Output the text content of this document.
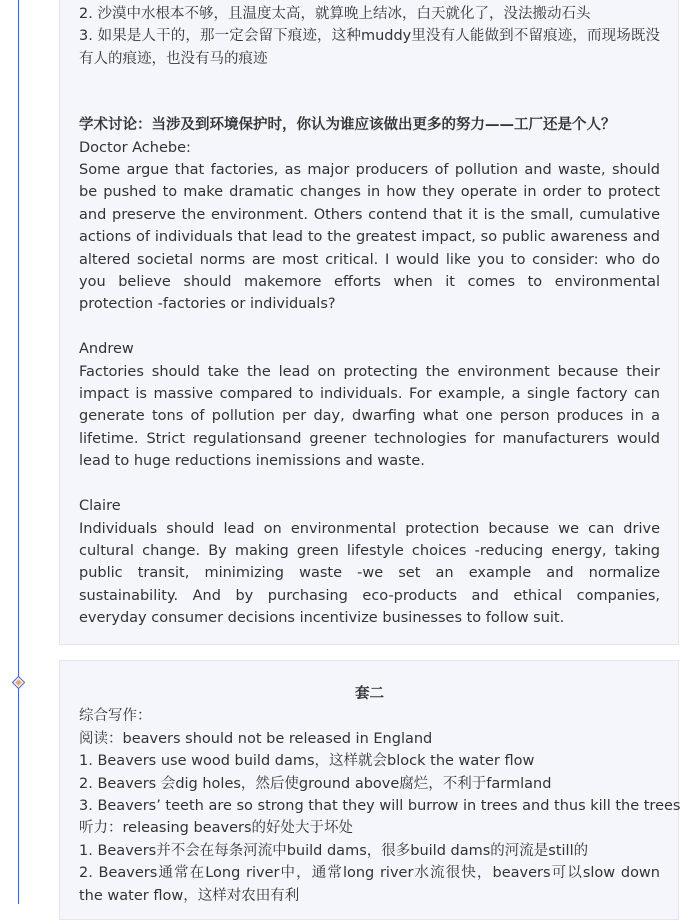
2. 沙漠中水根本不够，且温度太高，就算晚上结冰，白天就化了，没法搬动石头
3. 如果是人干的，那一定会留下痕迹，这种muddy里没有人能做到不留痕迹，而现场既没有人的痕迹，也没有马的痕迹
学术讨论：当涉及到环境保护时，你认为谁应该做出更多的努力——工厂还是个人？
Doctor Achebe:
Some argue that factories, as major producers of pollution and waste, should be pushed to make dramatic changes in how they operate in order to protect and preserve the environment. Others contend that it is the small, cumulative actions of individuals that lead to the greatest impact, so public awareness and altered societal norms are most critical. I would like you to consider: who do you believe should makemore efforts when it comes to environmental protection -factories or individuals?
Andrew
Factories should take the lead on protecting the environment because their impact is massive compared to individuals. For example, a single factory can generate tons of pollution per day, dwarfing what one person produces in a lifetime. Strict regulationsand greener technologies for manufacturers would lead to huge reductions inemissions and waste.
Claire
Individuals should lead on environmental protection because we can drive cultural change. By making green lifestyle choices -reducing energy, taking public transit, minimizing waste -we set an example and normalize sustainability. And by purchasing eco-products and ethical companies, everyday consumer decisions incentivize businesses to follow suit.
套二
综合写作：
阅读：beavers should not be released in England
1. Beavers use wood build dams，这样就会block the water flow
2. Beavers 会dig holes，然后使ground above腐烂，不利于farmland
3. Beavers’ teeth are so strong that they will burrow in trees and thus kill the trees
听力：releasing beavers的好处大于坏处
1. Beavers并不会在每条河流中build dams，很多build dams的河流是still的
2. Beavers通常在Long river中，通常long river水流很快，beavers可以slow down the water flow，这样对农田有利
